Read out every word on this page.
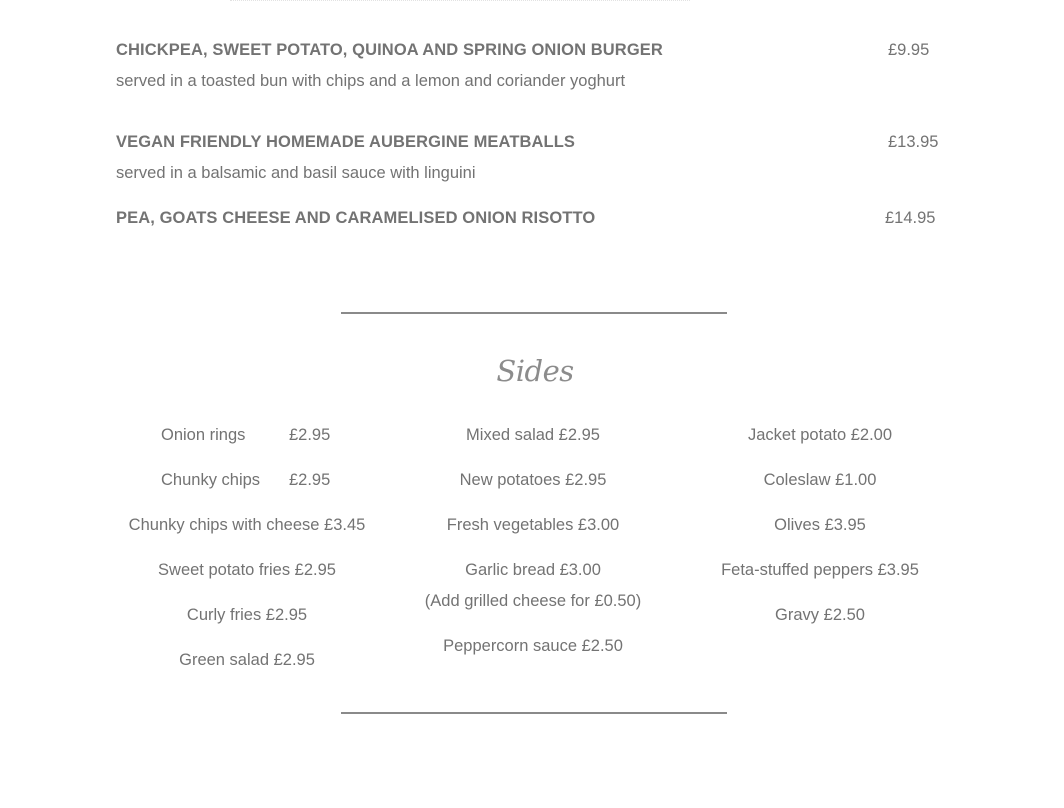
CHICKPEA, SWEET POTATO, QUINOA AND SPRING ONION BURGER	£9.95
served in a toasted bun with chips and a lemon and coriander yoghurt
VEGAN FRIENDLY HOMEMADE AUBERGINE MEATBALLS	£13.95
served in a balsamic and basil sauce with linguini
PEA, GOATS CHEESE AND CARAMELISED ONION RISOTTO	£14.95
Sides
Onion rings	£2.95
Chunky chips £2.95
Chunky chips with cheese £3.45
Sweet potato fries £2.95
Curly fries £2.95
Green salad £2.95
Mixed salad £2.95
New potatoes £2.95
Fresh vegetables £3.00
Garlic bread £3.00
(Add grilled cheese for £0.50)
Peppercorn sauce £2.50
Jacket potato £2.00
Coleslaw £1.00
Olives £3.95
Feta-stuffed peppers £3.95
Gravy £2.50
